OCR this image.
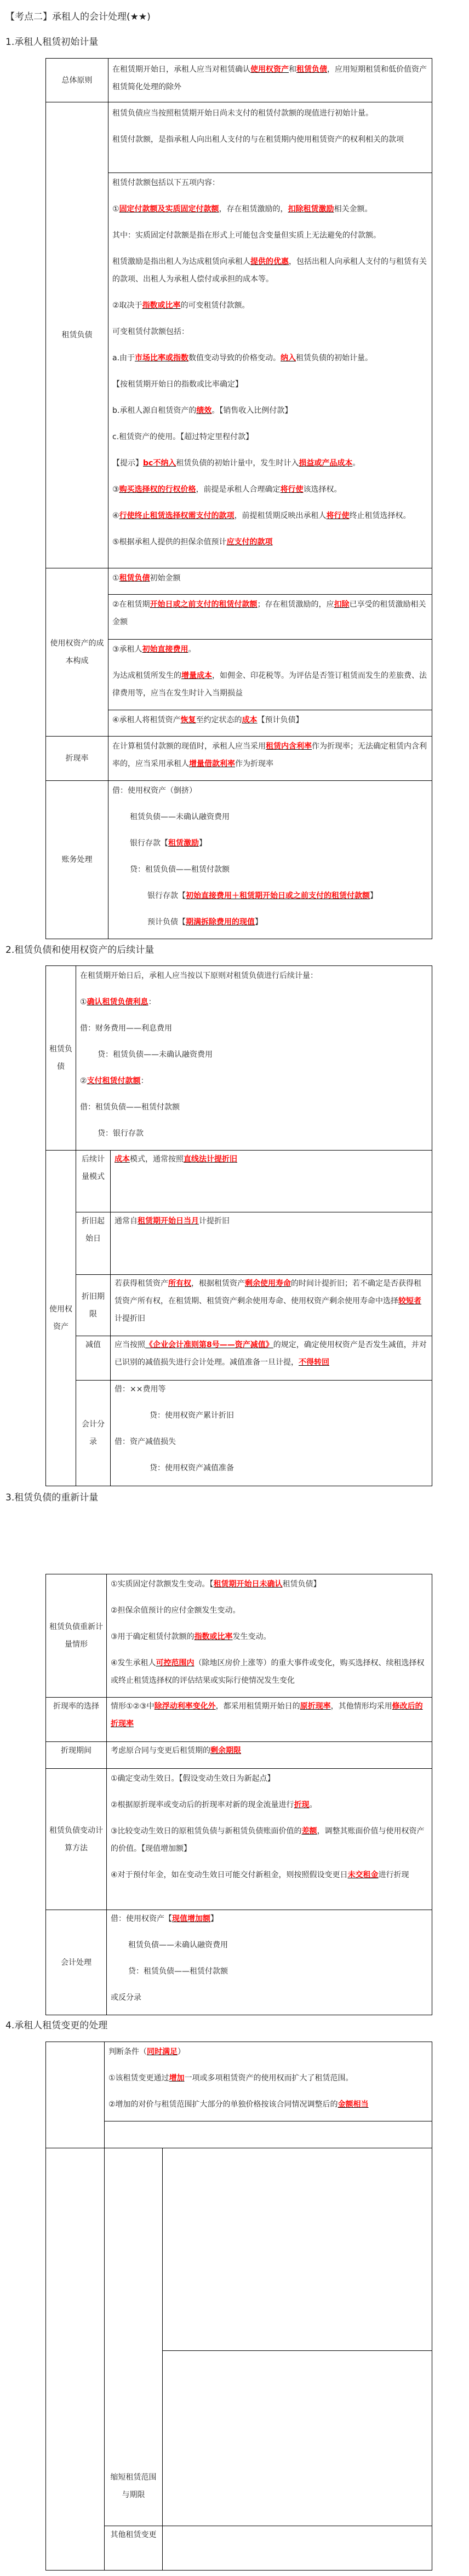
【考点二】承租人的会计处理(★★)
1.承租人租赁初始计量
总体原则	在租赁期开始日，承租人应当对租赁确认使用权资产和租赁负债，应用短期租赁和低价值资产租赁简化处理的除外

租赁负债	租赁负债应当按照租赁期开始日尚未支付的租赁付款额的现值进行初始计量。

租赁付款额，是指承租人向出租人支付的与在租赁期内使用租赁资产的权利相关的款项

租赁付款额包括以下五项内容：

①固定付款额及实质固定付款额，存在租赁激励的，扣除租赁激励相关金额。

其中：实质固定付款额是指在形式上可能包含变量但实质上无法避免的付款额。

租赁激励是指出租人为达成租赁向承租人提供的优惠，包括出租人向承租人支付的与租赁有关的款项、出租人为承租人偿付或承担的成本等。

②取决于指数或比率的可变租赁付款额。

可变租赁付款额包括：

a.由于市场比率或指数数值变动导致的价格变动。纳入租赁负债的初始计量。

【按租赁期开始日的指数或比率确定】

b.承租人源自租赁资产的绩效。【销售收入比例付款】

c.租赁资产的使用。【超过特定里程付款】

【提示】bc不纳入租赁负债的初始计量中，发生时计入损益或产品成本。

③购买选择权的行权价格，前提是承租人合理确定将行使该选择权。

④行使终止租赁选择权需支付的款项，前提租赁期反映出承租人将行使终止租赁选择权。

⑤根据承租人提供的担保余值预计应支付的款项

使用权资产的成本构成	①租赁负债初始金额

	②在租赁期开始日或之前支付的租赁付款额；存在租赁激励的，应扣除已享受的租赁激励相关金额

	③承租人初始直接费用。

为达成租赁所发生的增量成本，如佣金、印花税等。为评估是否签订租赁而发生的差旅费、法律费用等，应当在发生时计入当期损益

	④承租人将租赁资产恢复至约定状态的成本【预计负债】

折现率	在计算租赁付款额的现值时，承租人应当采用租赁内含利率作为折现率；无法确定租赁内含利率的，应当采用承租人增量借款利率作为折现率

账务处理	

借：使用权资产（倒挤）

租赁负债——未确认融资费用

银行存款【租赁激励】

贷：租赁负债——租赁付款额

银行存款【初始直接费用＋租赁期开始日或之前支付的租赁付款额】

预计负债【期满拆除费用的现值】

2.租赁负债和使用权资产的后续计量
租赁负债	

在租赁期开始日后，承租人应当按以下原则对租赁负债进行后续计量：

①确认租赁负债利息：

借：财务费用——利息费用

贷：租赁负债——未确认融资费用

②支付租赁付款额：

借：租赁负债——租赁付款额

贷：银行存款

使用权资产	后续计量模式	成本模式，通常按照直线法计提折旧

	折旧起始日	通常自租赁期开始日当月计提折旧

	折旧期限	若获得租赁资产所有权，根据租赁资产剩余使用寿命的时间计提折旧；若不确定是否获得租赁资产所有权，在租赁期、租赁资产剩余使用寿命、使用权资产剩余使用寿命中选择较短者计提折旧

	减值	应当按照《企业会计准则第8号——资产减值》的规定，确定使用权资产是否发生减值，并对已识别的减值损失进行会计处理。减值准备一旦计提，不得转回

	会计分录	借：××费用等

贷：使用权资产累计折旧

借：资产减值损失

贷：使用权资产减值准备

3.租赁负债的重新计量
租赁负债重新计量情形	①实质固定付款额发生变动。【租赁期开始日未确认租赁负债】

②担保余值预计的应付金额发生变动。

③用于确定租赁付款额的指数或比率发生变动。

④发生承租人可控范围内（除地区房价上涨等）的重大事件或变化，购买选择权、续租选择权或终止租赁选择权的评估结果或实际行使情况发生变化

折现率的选择	情形①②③中除浮动利率变化外，都采用租赁期开始日的原折现率，其他情形均采用修改后的折现率

折现期间	考虑原合同与变更后租赁期的剩余期限

租赁负债变动计算方法	①确定变动生效日。【假设变动生效日为新起点】

②根据原折现率或变动后的折现率对新的现金流量进行折现。

③比较变动生效日的原租赁负债与新租赁负债账面价值的差额，调整其账面价值与使用权资产的价值。【现值增加额】

④对于预付年金，如在变动生效日可能交付新租金，则按照假设变更日未交租金进行折现

会计处理	借：使用权资产【现值增加额】

租赁负债——未确认融资费用

贷：租赁负债——租赁付款额

或反分录

4.承租人租赁变更的处理

	判断条件（同时满足）

①该租赁变更通过增加一项或多项租赁资产的使用权而扩大了租赁范围。

②增加的对价与租赁范围扩大部分的单独价格按该合同情况调整后的金额相当	

	缩短租赁范围与期限	

	其他租赁变更	
